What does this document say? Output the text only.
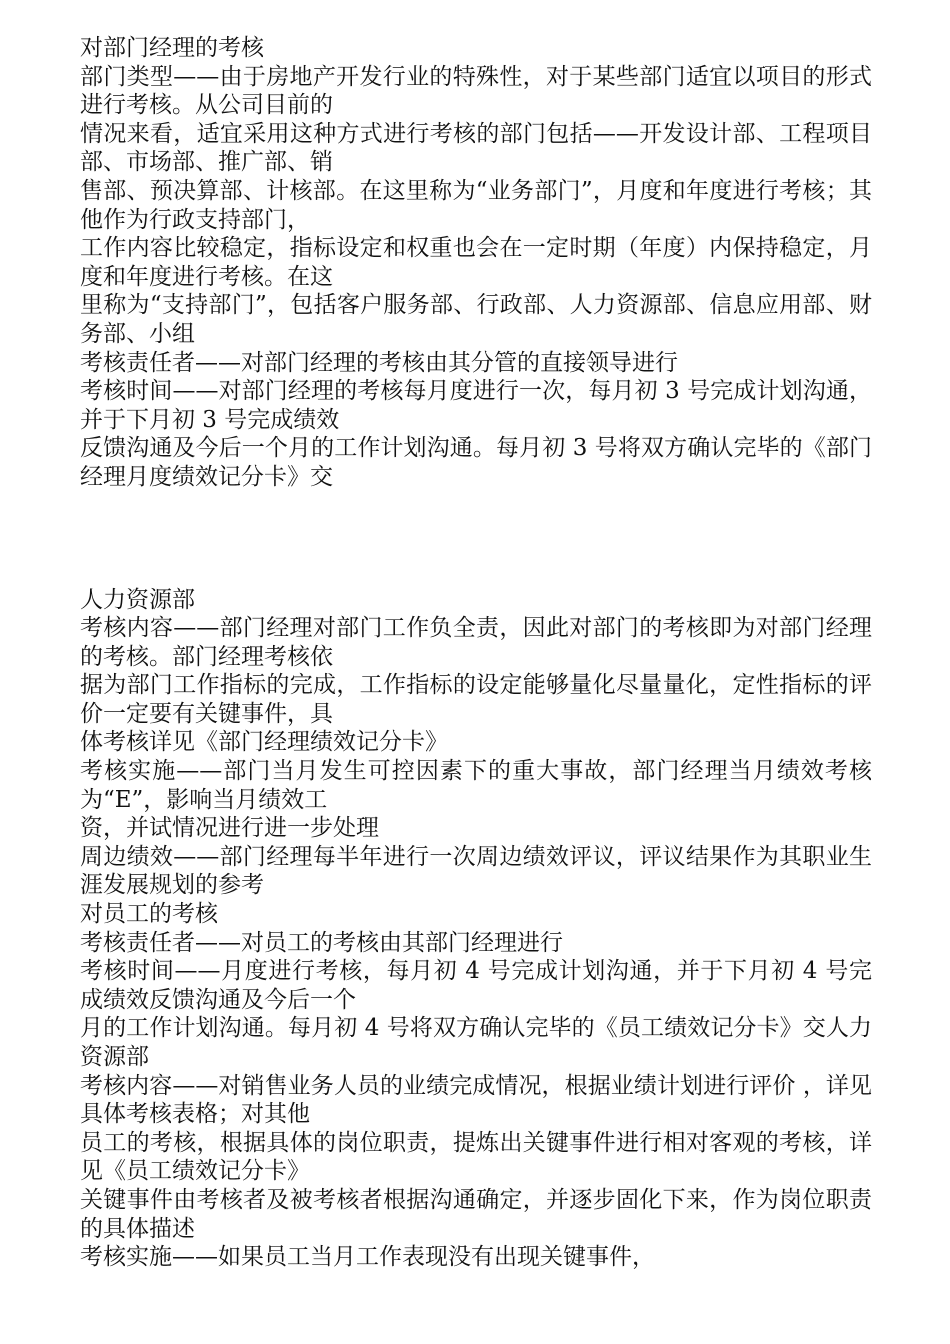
对部门经理的考核

部门类型——由于房地产开发行业的特殊性，对于某些部门适宜以项目的形式进行考核。从公司目前的

情况来看，适宜采用这种方式进行考核的部门包括——开发设计部、工程项目部、市场部、推广部、销

售部、预决算部、计核部。在这里称为“业务部门”，月度和年度进行考核；其他作为行政支持部门，

工作内容比较稳定，指标设定和权重也会在一定时期（年度）内保持稳定，月度和年度进行考核。在这

里称为“支持部门”，包括客户服务部、行政部、人力资源部、信息应用部、财务部、小组

考核责任者——对部门经理的考核由其分管的直接领导进行

考核时间——对部门经理的考核每月度进行一次，每月初 3 号完成计划沟通，并于下月初 3 号完成绩效

反馈沟通及今后一个月的工作计划沟通。每月初 3 号将双方确认完毕的《部门经理月度绩效记分卡》交

人力资源部

考核内容——部门经理对部门工作负全责，因此对部门的考核即为对部门经理的考核。部门经理考核依

据为部门工作指标的完成，工作指标的设定能够量化尽量量化，定性指标的评价一定要有关键事件，具

体考核详见《部门经理绩效记分卡》

考核实施——部门当月发生可控因素下的重大事故，部门经理当月绩效考核为“E”，影响当月绩效工

资，并试情况进行进一步处理

周边绩效——部门经理每半年进行一次周边绩效评议，评议结果作为其职业生涯发展规划的参考

对员工的考核

考核责任者——对员工的考核由其部门经理进行

考核时间——月度进行考核，每月初 4 号完成计划沟通，并于下月初 4 号完成绩效反馈沟通及今后一个

月的工作计划沟通。每月初 4 号将双方确认完毕的《员工绩效记分卡》交人力资源部

考核内容——对销售业务人员的业绩完成情况，根据业绩计划进行评价 ，详见具体考核表格；对其他

员工的考核，根据具体的岗位职责，提炼出关键事件进行相对客观的考核，详见《员工绩效记分卡》

关键事件由考核者及被考核者根据沟通确定，并逐步固化下来，作为岗位职责的具体描述

考核实施——如果员工当月工作表现没有出现关键事件，
